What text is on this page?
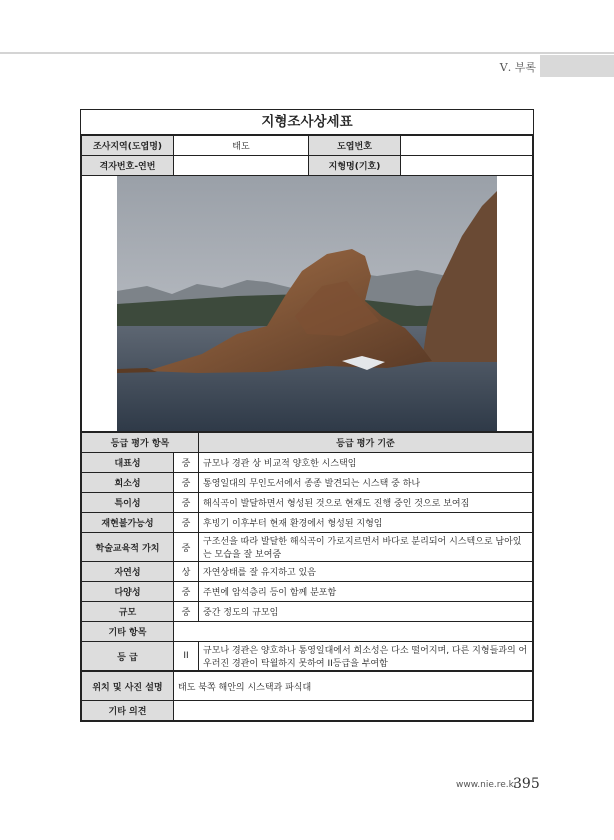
Ⅴ. 부록
지형조사상세표
조사지역(도엽명)	태도	도엽번호	
격자번호-연번		지형명(기호)	

등급 평가 항목		등급 평가 기준
대표성	중	규모나 경관 상 비교적 양호한 시스택임
희소성	중	통영일대의 무인도서에서 종종 발견되는 시스택 중 하나
특이성	중	해식곡이 발달하면서 형성된 것으로 현재도 진행 중인 것으로 보여짐
재현불가능성	중	후빙기 이후부터 현재 환경에서 형성된 지형임
학술교육적 가치	중	구조선을 따라 발달한 해식곡이 가로지르면서 바다로 분리되어 시스텍으로 남아있는 모습을 잘 보여줌
자연성	상	자연상태를 잘 유지하고 있음
다양성	중	주변에 암석층리 등이 함께 분포함
규모	중	중간 정도의 규모임
기타 항목		
등 급	II	규모나 경관은 양호하나 통영일대에서 희소성은 다소 떨어지며, 다른 지형들과의 어우러진 경관이 탁월하지 못하여 II등급을 부여함
위치 및 사진 설명	태도 북쪽 해안의 시스택과 파식대
기타 의견	
www.nie.re.kr
395
